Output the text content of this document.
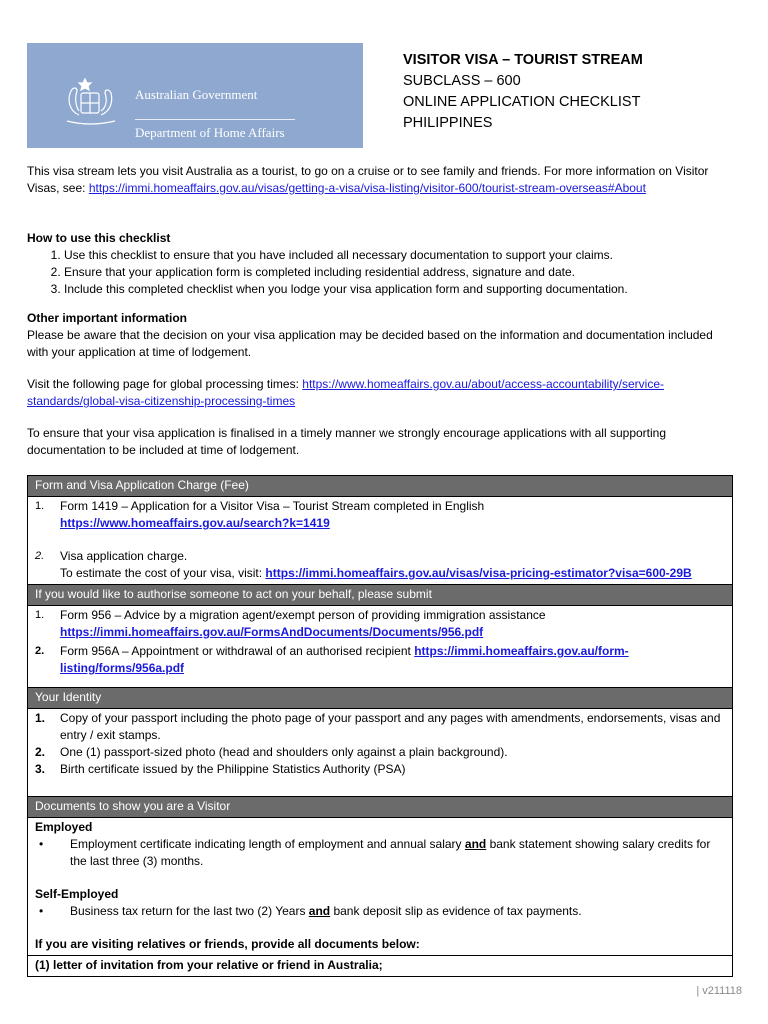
Australian Government
Department of Home Affairs
VISITOR VISA – TOURIST STREAM
SUBCLASS – 600
ONLINE APPLICATION CHECKLIST
PHILIPPINES
This visa stream lets you visit Australia as a tourist, to go on a cruise or to see family and friends. For more information on Visitor Visas, see: https://immi.homeaffairs.gov.au/visas/getting-a-visa/visa-listing/visitor-600/tourist-stream-overseas#About
How to use this checklist
1. Use this checklist to ensure that you have included all necessary documentation to support your claims.
2. Ensure that your application form is completed including residential address, signature and date.
3. Include this completed checklist when you lodge your visa application form and supporting documentation.
Other important information
Please be aware that the decision on your visa application may be decided based on the information and documentation included with your application at time of lodgement.
Visit the following page for global processing times: https://www.homeaffairs.gov.au/about/access-accountability/service-standards/global-visa-citizenship-processing-times
To ensure that your visa application is finalised in a timely manner we strongly encourage applications with all supporting documentation to be included at time of lodgement.
Form and Visa Application Charge (Fee)

1.	Form 1419 – Application for a Visitor Visa – Tourist Stream completed in English
https://www.homeaffairs.gov.au/search?k=1419
2.	Visa application charge.
To estimate the cost of your visa, visit: https://immi.homeaffairs.gov.au/visas/visa-pricing-estimator?visa=600-29B

If you would like to authorise someone to act on your behalf, please submit

1.	Form 956 – Advice by a migration agent/exempt person of providing immigration assistance
https://immi.homeaffairs.gov.au/FormsAndDocuments/Documents/956.pdf
2.	Form 956A – Appointment or withdrawal of an authorised recipient https://immi.homeaffairs.gov.au/form-listing/forms/956a.pdf

Your Identity

1.	Copy of your passport including the photo page of your passport and any pages with amendments, endorsements, visas and entry / exit stamps.
2.	One (1) passport-sized photo (head and shoulders only against a plain background).
3.	Birth certificate issued by the Philippine Statistics Authority (PSA)

Documents to show you are a Visitor

Employed
•	Employment certificate indicating length of employment and annual salary and bank statement showing salary credits for the last three (3) months.
Self-Employed
•	Business tax return for the last two (2) Years and bank deposit slip as evidence of tax payments.
If you are visiting relatives or friends, provide all documents below:

(1) letter of invitation from your relative or friend in Australia;
| v211118
